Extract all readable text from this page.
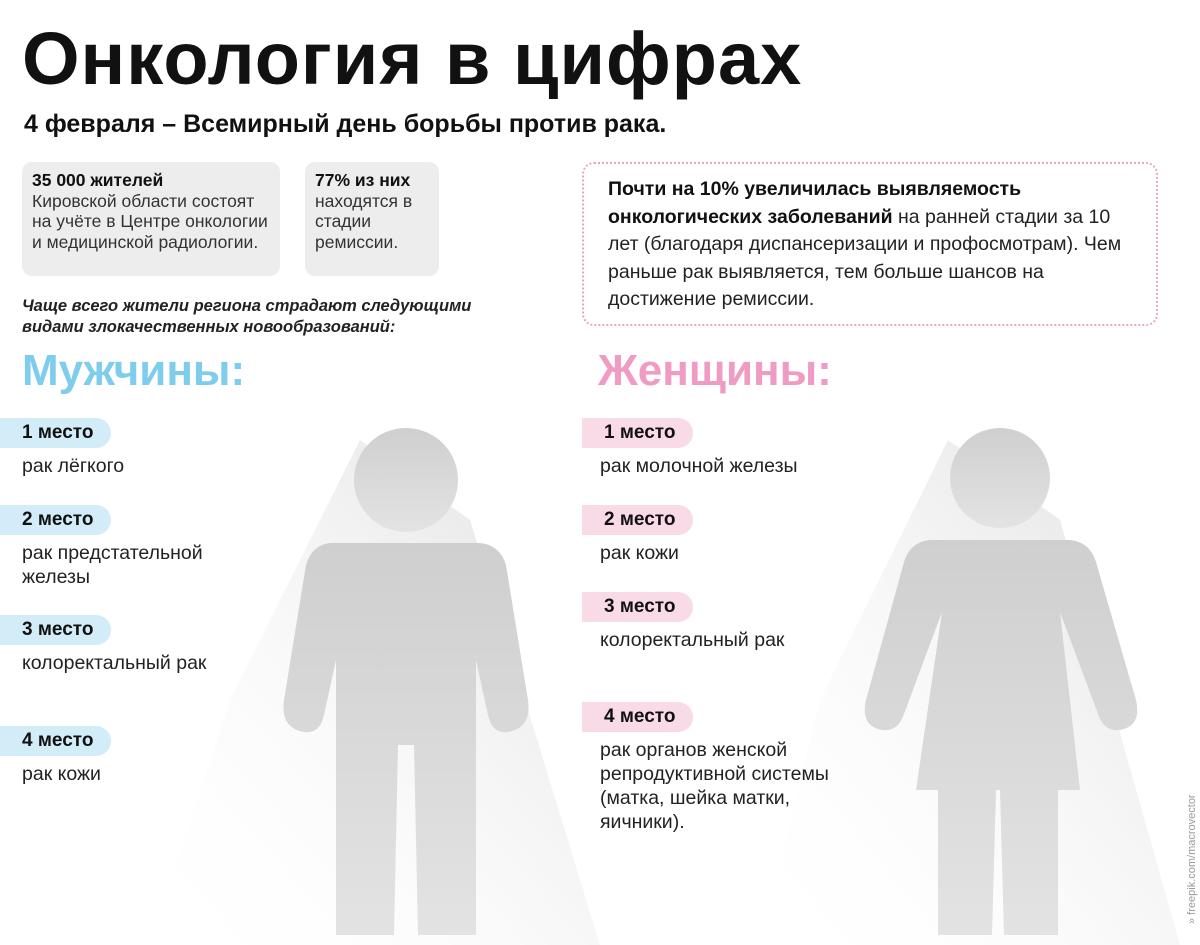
Онкология в цифрах
4 февраля – Всемирный день борьбы против рака.
35 000 жителей
Кировской области состоят на учёте в Центре онкологии и медицинской радиологии.
77% из них
находятся в стадии ремиссии.
Чаще всего жители региона страдают следующими видами злокачественных новообразований:
Почти на 10% увеличилась выявляемость онкологических заболеваний на ранней стадии за 10 лет (благодаря диспансеризации и профосмотрам). Чем раньше рак выявляется, тем больше шансов на достижение ремиссии.
Мужчины:	Женщины:
1 место
рак лёгкого
2 место
рак предстательной железы
3 место
колоректальный рак
4 место
рак кожи
1 место
рак молочной железы
2 место
рак кожи
3 место
колоректальный рак
4 место
рак органов женской репродуктивной системы (матка, шейка матки, яичники).	» freepik.com/macrovector
